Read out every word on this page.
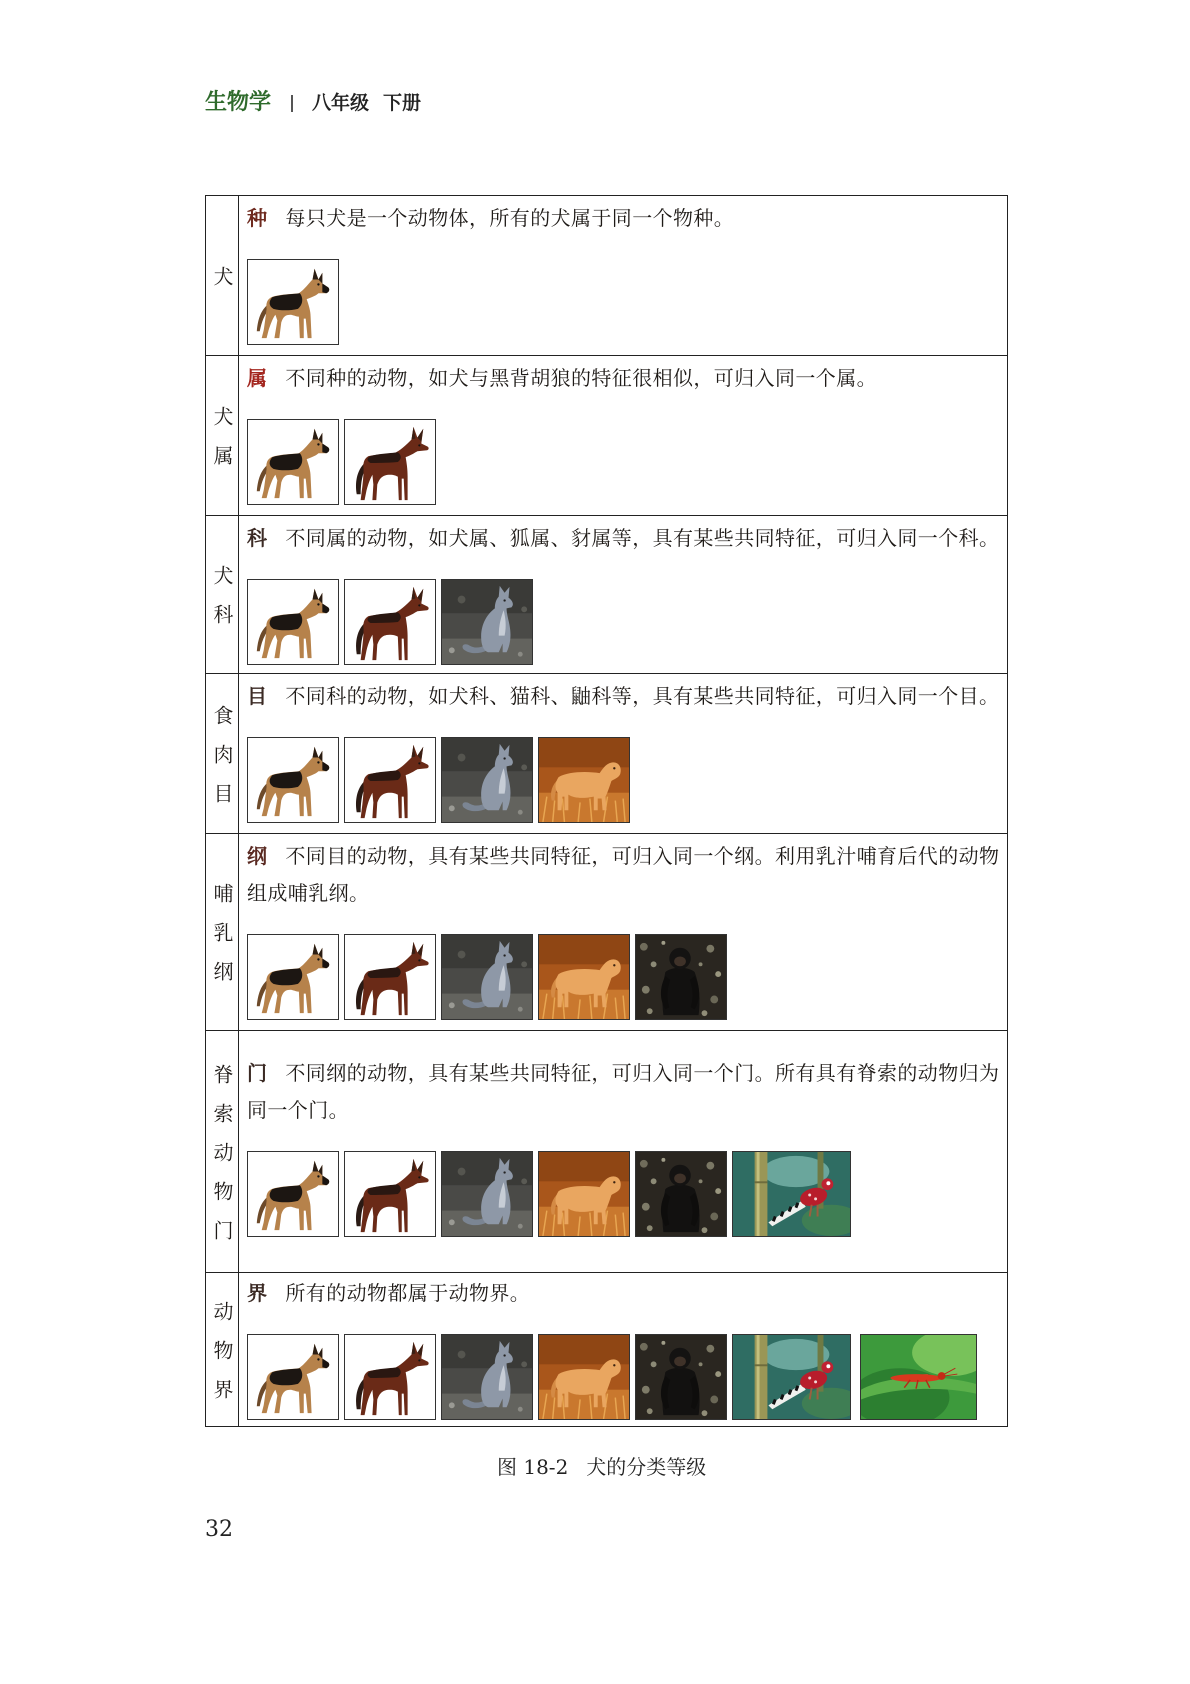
生物学 八年级 下册
犬
种 每只犬是一个动物体，所有的犬属于同一个物种。
犬属
属 不同种的动物，如犬与黑背胡狼的特征很相似，可归入同一个属。
犬科
科 不同属的动物，如犬属、狐属、豺属等，具有某些共同特征，可归入同一个科。
食肉目
目 不同科的动物，如犬科、猫科、鼬科等，具有某些共同特征，可归入同一个目。
哺乳纲
纲 不同目的动物，具有某些共同特征，可归入同一个纲。利用乳汁哺育后代的动物组成哺乳纲。
脊索动物门 门 不同纲的动物，具有某些共同特征，可归入同一个门。所有具有脊索的动物归为同一个门。
动物界
界 所有的动物都属于动物界。
图 18-2 犬的分类等级
32
